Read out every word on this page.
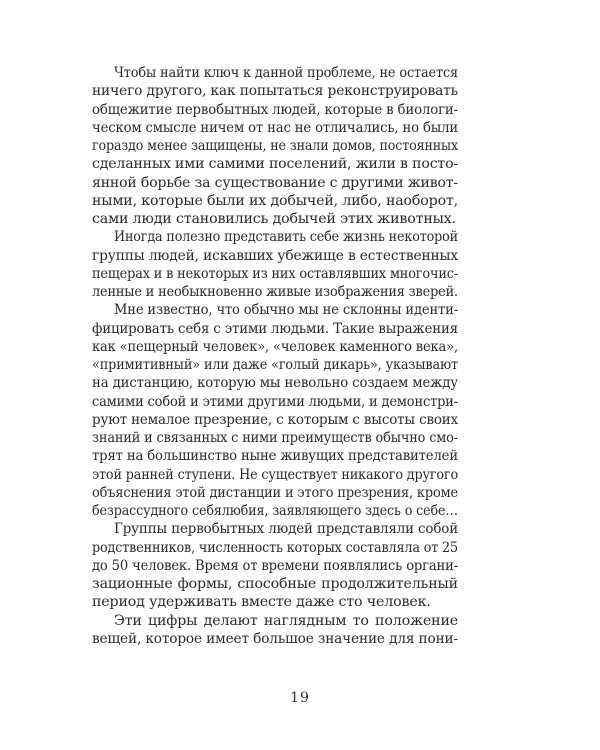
Чтобы найти ключ к данной проблеме, не остается
ничего другого, как попытаться реконструировать
общежитие первобытных людей, которые в биологи-
ческом смысле ничем от нас не отличались, но были
гораздо менее защищены, не знали домов, постоянных
сделанных ими самими поселений, жили в посто-
янной борьбе за существование с другими живот-
ными, которые были их добычей, либо, наоборот,
сами люди становились добычей этих животных.
Иногда полезно представить себе жизнь некоторой
группы людей, искавших убежище в естественных
пещерах и в некоторых из них оставлявших многочис-
ленные и необыкновенно живые изображения зверей.
Мне известно, что обычно мы не склонны иденти-
фицировать себя с этими людьми. Такие выражения
как «пещерный человек», «человек каменного века»,
«примитивный» или даже «голый дикарь», указывают
на дистанцию, которую мы невольно создаем между
самими собой и этими другими людьми, и демонстри-
руют немалое презрение, с которым с высоты своих
знаний и связанных с ними преимуществ обычно смо-
трят на большинство ныне живущих представителей
этой ранней ступени. Не существует никакого другого
объяснения этой дистанции и этого презрения, кроме
безрассудного себялюбия, заявляющего здесь о себе…
Группы первобытных людей представляли собой
родственников, численность которых составляла от 25
до 50 человек. Время от времени появлялись органи-
зационные формы, способные продолжительный
период удерживать вместе даже сто человек.
Эти цифры делают наглядным то положение
вещей, которое имеет большое значение для пони-
19
